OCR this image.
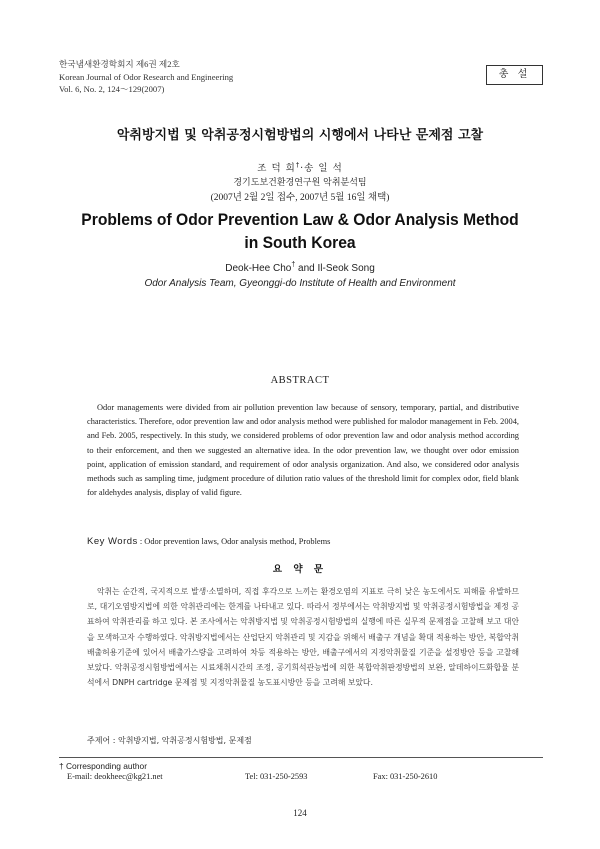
한국냄새환경학회지 제6권 제2호
Korean Journal of Odor Research and Engineering
Vol. 6, No. 2, 124～129(2007)
총 설
악취방지법 및 악취공정시험방법의 시행에서 나타난 문제점 고찰
조 덕 희†·송 일 석
경기도보건환경연구원 악취분석팀
(2007년 2월 2일 접수, 2007년 5월 16일 채택)
Problems of Odor Prevention Law & Odor Analysis Method
in South Korea
Deok-Hee Cho† and Il-Seok Song
Odor Analysis Team, Gyeonggi-do Institute of Health and Environment
ABSTRACT
Odor managements were divided from air pollution prevention law because of sensory, temporary, partial, and distributive characteristics. Therefore, odor prevention law and odor analysis method were published for malodor management in Feb. 2004, and Feb. 2005, respectively. In this study, we considered problems of odor prevention law and odor analysis method according to their enforcement, and then we suggested an alternative idea. In the odor prevention law, we thought over odor emission point, application of emission standard, and requirement of odor analysis organization. And also, we considered odor analysis methods such as sampling time, judgment procedure of dilution ratio values of the threshold limit for complex odor, field blank for aldehydes analysis, display of valid figure.
Key Words : Odor prevention laws, Odor analysis method, Problems
요 약 문
악취는 순간적, 국지적으로 발생·소멸하며, 직접 후각으로 느끼는 환경오염의 지표로 극히 낮은 농도에서도 피해를 유발하므로, 대기오염방지법에 의한 악취관리에는 한계를 나타내고 있다. 따라서 정부에서는 악취방지법 및 악취공정시험방법을 제정 공표하여 악취관리를 하고 있다. 본 조사에서는 악취방지법 및 악취공정시험방법의 실행에 따른 실무적 문제점을 고찰해 보고 대안을 모색하고자 수행하였다. 악취방지법에서는 산업단지 악취관리 및 지감을 위해서 배출구 개념을 확대 적용하는 방안, 복합악취 배출허용기준에 있어서 배출가스량을 고려하여 차등 적용하는 방안, 배출구에서의 지정악취물질 기준을 설정방안 등을 고찰해 보았다. 악취공정시험방법에서는 시료채취시간의 조정, 공기희석관능법에 의한 복합악취판정방법의 보완, 알데하이드화합물 분석에서 DNPH cartridge 문제점 및 지정악취물질 농도표시방안 등을 고려해 보았다.
주제어 : 악취방지법, 악취공정시험방법, 문제점
† Corresponding author
E-mail: deokheec@kg21.net	Tel: 031-250-2593	Fax: 031-250-2610
124
